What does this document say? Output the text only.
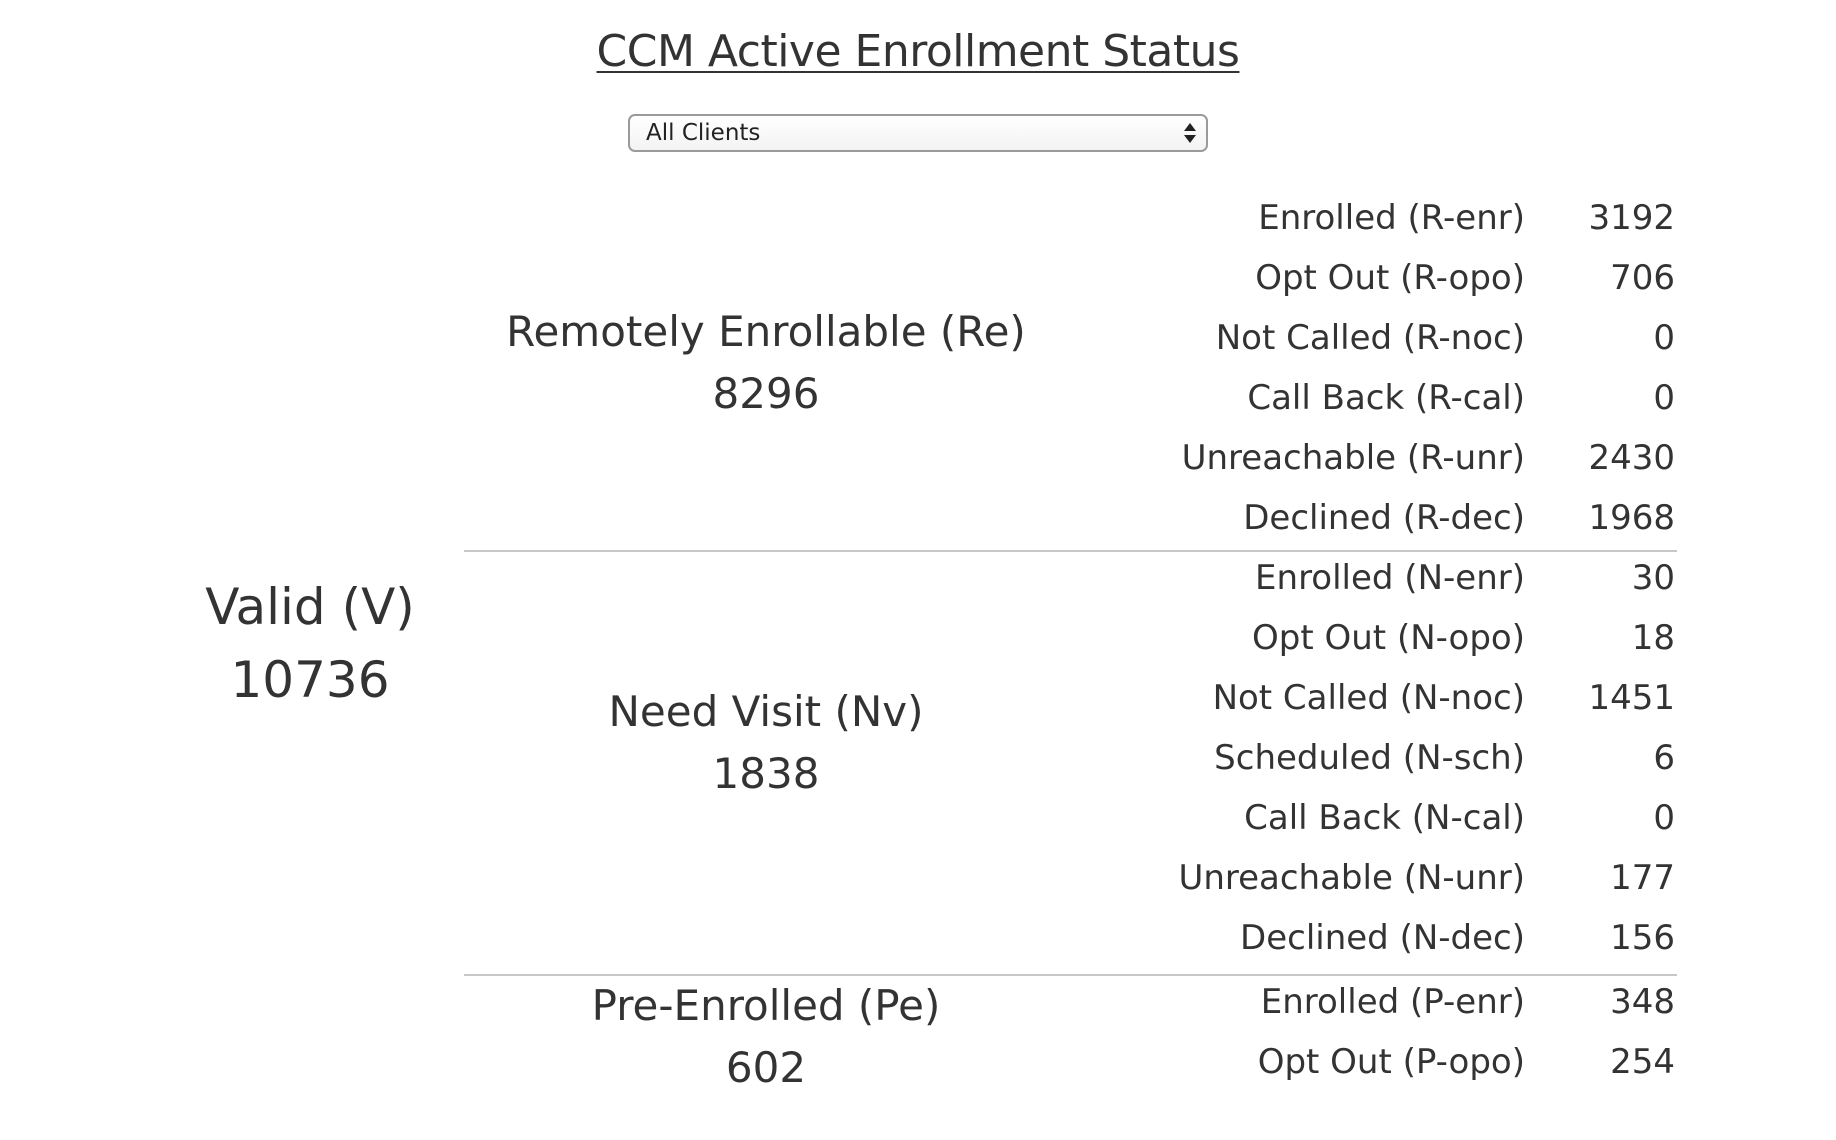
CCM Active Enrollment Status
All Clients
Valid (V)
10736
Remotely Enrollable (Re)
8296
Enrolled (R-enr) 3192
Opt Out (R-opo)	706
Not Called (R-noc)	0
Call Back (R-cal)	0
Unreachable (R-unr) 2430
Declined (R-dec) 1968
Need Visit (Nv)
1838
Enrolled (N-enr)	30
Opt Out (N-opo)	18
Not Called (N-noc) 1451
Scheduled (N-sch)	6
Call Back (N-cal)	0
Unreachable (N-unr)	177
Declined (N-dec)	156
Pre-Enrolled (Pe)
602
Enrolled (P-enr)	348
Opt Out (P-opo)	254
